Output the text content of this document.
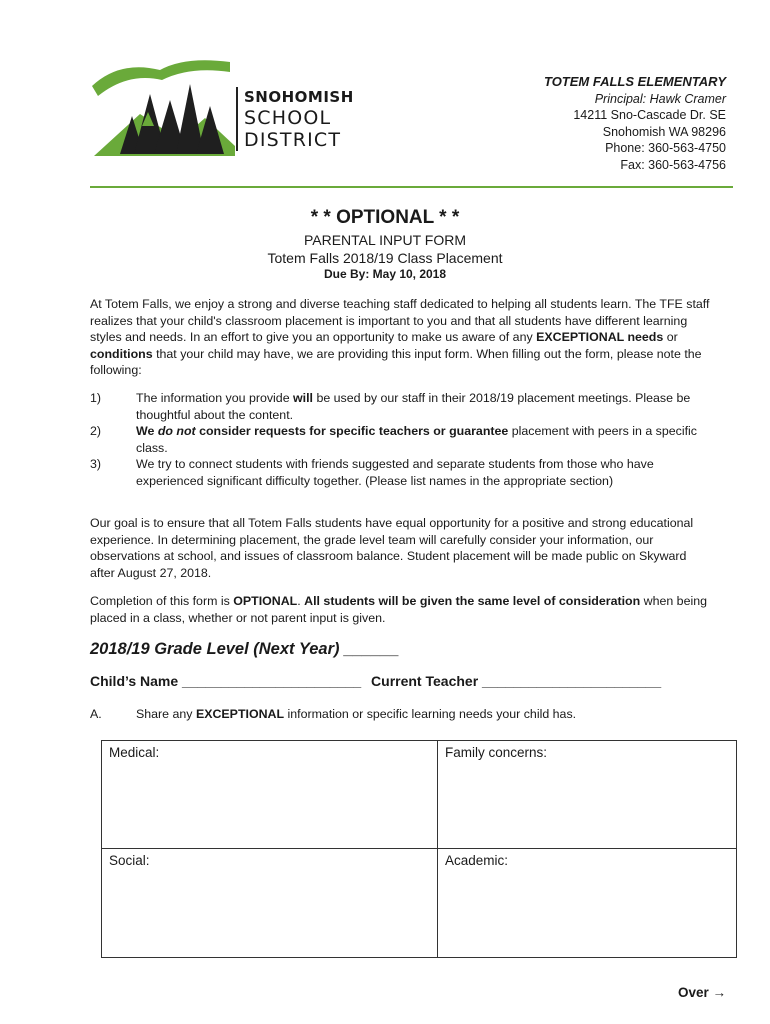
SNOHOMISH
SCHOOL
DISTRICT
TOTEM FALLS ELEMENTARY
Principal: Hawk Cramer
14211 Sno-Cascade Dr. SE
Snohomish WA 98296
Phone: 360-563-4750
Fax: 360-563-4756
* * OPTIONAL * *
PARENTAL INPUT FORM
Totem Falls 2018/19 Class Placement
Due By: May 10, 2018
At Totem Falls, we enjoy a strong and diverse teaching staff dedicated to helping all students learn. The TFE staff realizes that your child's classroom placement is important to you and that all students have different learning styles and needs. In an effort to give you an opportunity to make us aware of any EXCEPTIONAL needs or conditions that your child may have, we are providing this input form. When filling out the form, please note the following:
1)	The information you provide will be used by our staff in their 2018/19 placement meetings. Please be thoughtful about the content.
2)	We do not consider requests for specific teachers or guarantee placement with peers in a specific class.
3)	We try to connect students with friends suggested and separate students from those who have experienced significant difficulty together. (Please list names in the appropriate section)
Our goal is to ensure that all Totem Falls students have equal opportunity for a positive and strong educational experience. In determining placement, the grade level team will carefully consider your information, our observations at school, and issues of classroom balance. Student placement will be made public on Skyward after August 27, 2018.
Completion of this form is OPTIONAL. All students will be given the same level of consideration when being placed in a class, whether or not parent input is given.
2018/19 Grade Level (Next Year) ______
Child’s Name _______________________ Current Teacher _______________________
A.	Share any EXCEPTIONAL information or specific learning needs your child has.
Medical:	Family concerns:
Social:	Academic:
Over →
